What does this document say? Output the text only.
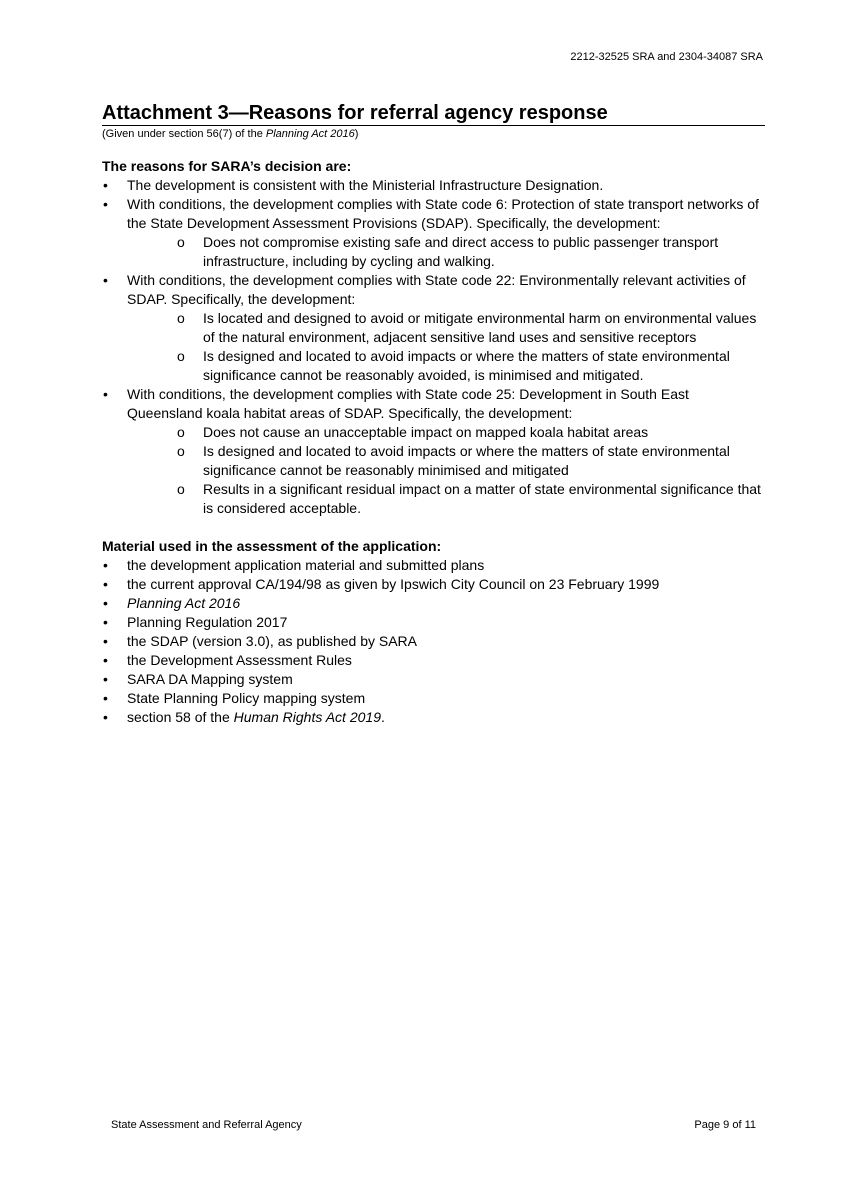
2212-32525 SRA and 2304-34087 SRA
Attachment 3—Reasons for referral agency response
(Given under section 56(7) of the Planning Act 2016)
The reasons for SARA’s decision are:
• The development is consistent with the Ministerial Infrastructure Designation.
• With conditions, the development complies with State code 6: Protection of state transport networks of the State Development Assessment Provisions (SDAP). Specifically, the development:
o Does not compromise existing safe and direct access to public passenger transport infrastructure, including by cycling and walking.
• With conditions, the development complies with State code 22: Environmentally relevant activities of SDAP. Specifically, the development:
o Is located and designed to avoid or mitigate environmental harm on environmental values of the natural environment, adjacent sensitive land uses and sensitive receptors
o Is designed and located to avoid impacts or where the matters of state environmental significance cannot be reasonably avoided, is minimised and mitigated.
• With conditions, the development complies with State code 25: Development in South East Queensland koala habitat areas of SDAP. Specifically, the development:
o Does not cause an unacceptable impact on mapped koala habitat areas
o Is designed and located to avoid impacts or where the matters of state environmental significance cannot be reasonably minimised and mitigated
o Results in a significant residual impact on a matter of state environmental significance that is considered acceptable.
Material used in the assessment of the application:
• the development application material and submitted plans
• the current approval CA/194/98 as given by Ipswich City Council on 23 February 1999
• Planning Act 2016
• Planning Regulation 2017
• the SDAP (version 3.0), as published by SARA
• the Development Assessment Rules
• SARA DA Mapping system
• State Planning Policy mapping system
• section 58 of the Human Rights Act 2019.
State Assessment and Referral Agency	Page 9 of 11
